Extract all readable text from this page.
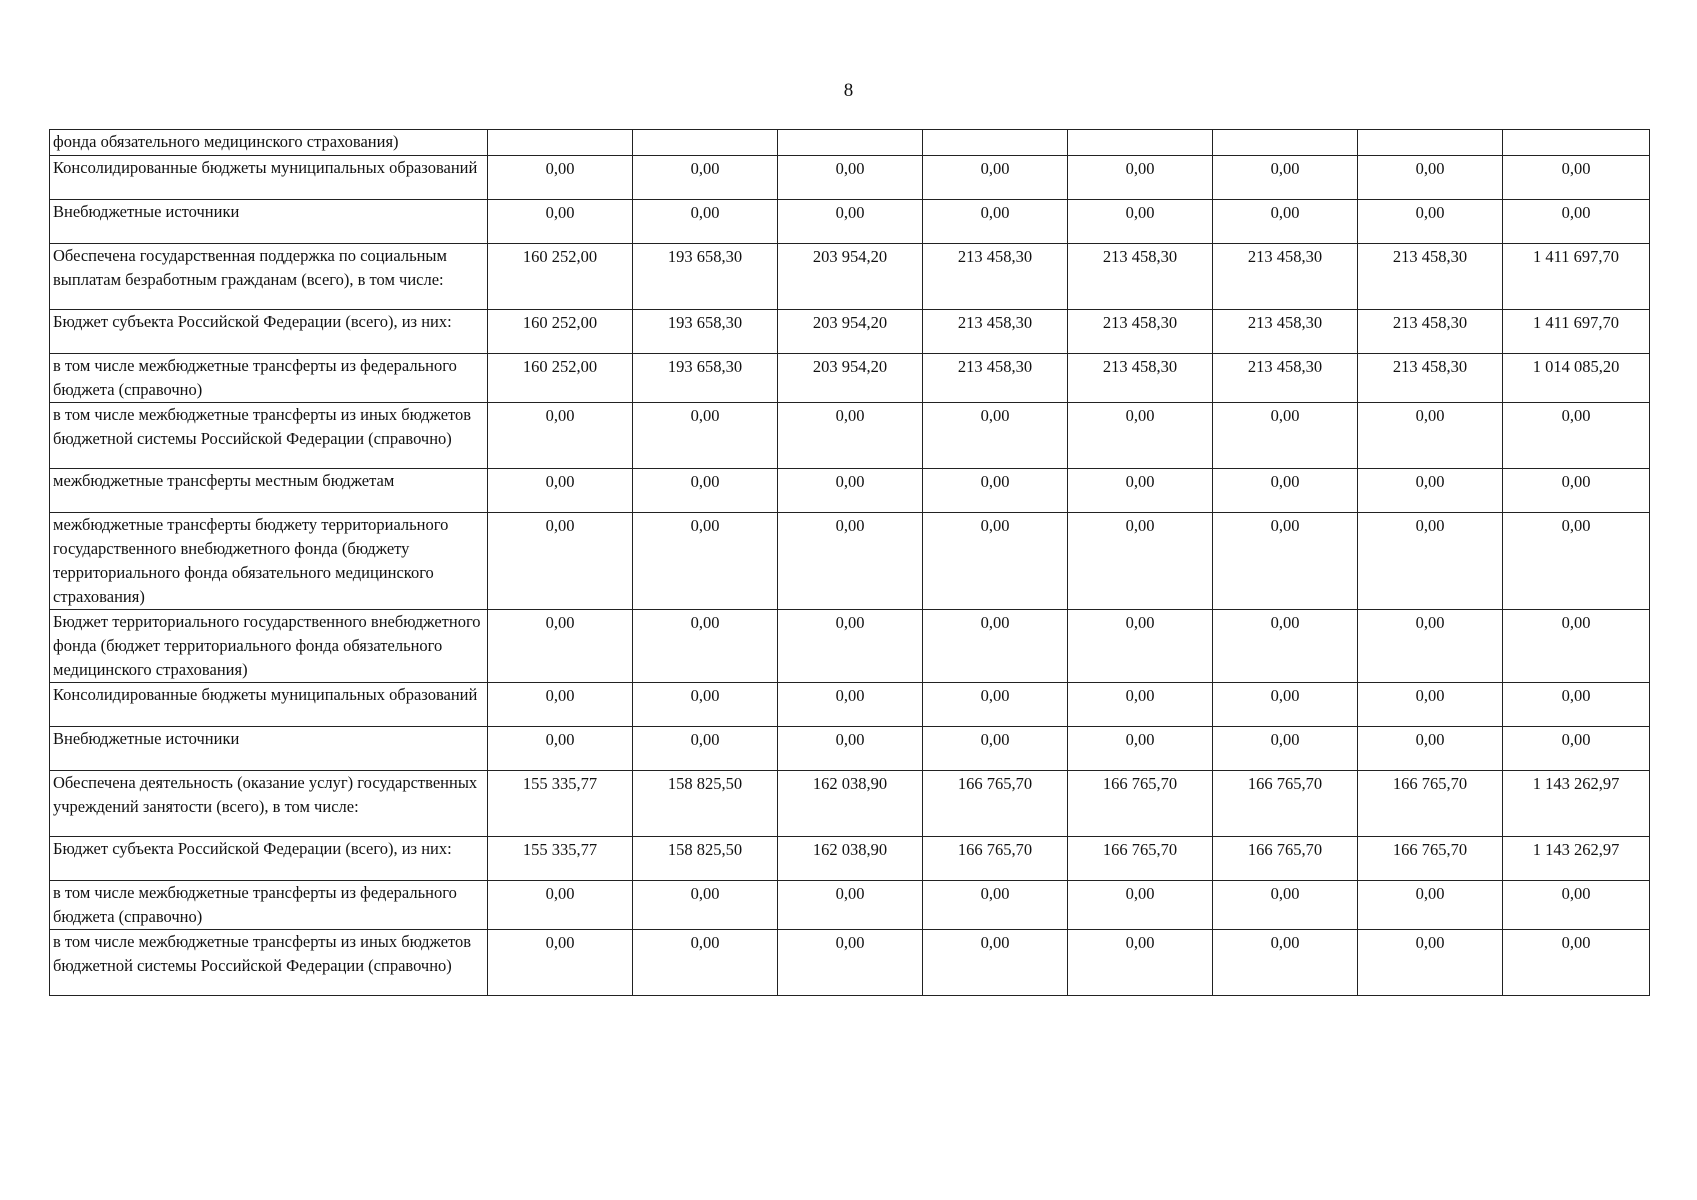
8
фонда обязательного медицинского страхования)								
Консолидированные бюджеты муниципальных образований	0,00	0,00	0,00	0,00	0,00	0,00	0,00	0,00
Внебюджетные источники	0,00	0,00	0,00	0,00	0,00	0,00	0,00	0,00
Обеспечена государственная поддержка по социальным выплатам безработным гражданам (всего), в том числе:	160 252,00	193 658,30	203 954,20	213 458,30	213 458,30	213 458,30	213 458,30	1 411 697,70
Бюджет субъекта Российской Федерации (всего), из них:	160 252,00	193 658,30	203 954,20	213 458,30	213 458,30	213 458,30	213 458,30	1 411 697,70
в том числе межбюджетные трансферты из федерального бюджета (справочно)	160 252,00	193 658,30	203 954,20	213 458,30	213 458,30	213 458,30	213 458,30	1 014 085,20
в том числе межбюджетные трансферты из иных бюджетов бюджетной системы Российской Федерации (справочно)	0,00	0,00	0,00	0,00	0,00	0,00	0,00	0,00
межбюджетные трансферты местным бюджетам	0,00	0,00	0,00	0,00	0,00	0,00	0,00	0,00
межбюджетные трансферты бюджету территориального государственного внебюджетного фонда (бюджету территориального фонда обязательного медицинского страхования)	0,00	0,00	0,00	0,00	0,00	0,00	0,00	0,00
Бюджет территориального государственного внебюджетного фонда (бюджет территориального фонда обязательного медицинского страхования)	0,00	0,00	0,00	0,00	0,00	0,00	0,00	0,00
Консолидированные бюджеты муниципальных образований	0,00	0,00	0,00	0,00	0,00	0,00	0,00	0,00
Внебюджетные источники	0,00	0,00	0,00	0,00	0,00	0,00	0,00	0,00
Обеспечена деятельность (оказание услуг) государственных учреждений занятости (всего), в том числе:	155 335,77	158 825,50	162 038,90	166 765,70	166 765,70	166 765,70	166 765,70	1 143 262,97
Бюджет субъекта Российской Федерации (всего), из них:	155 335,77	158 825,50	162 038,90	166 765,70	166 765,70	166 765,70	166 765,70	1 143 262,97
в том числе межбюджетные трансферты из федерального бюджета (справочно)	0,00	0,00	0,00	0,00	0,00	0,00	0,00	0,00
в том числе межбюджетные трансферты из иных бюджетов бюджетной системы Российской Федерации (справочно)	0,00	0,00	0,00	0,00	0,00	0,00	0,00	0,00
